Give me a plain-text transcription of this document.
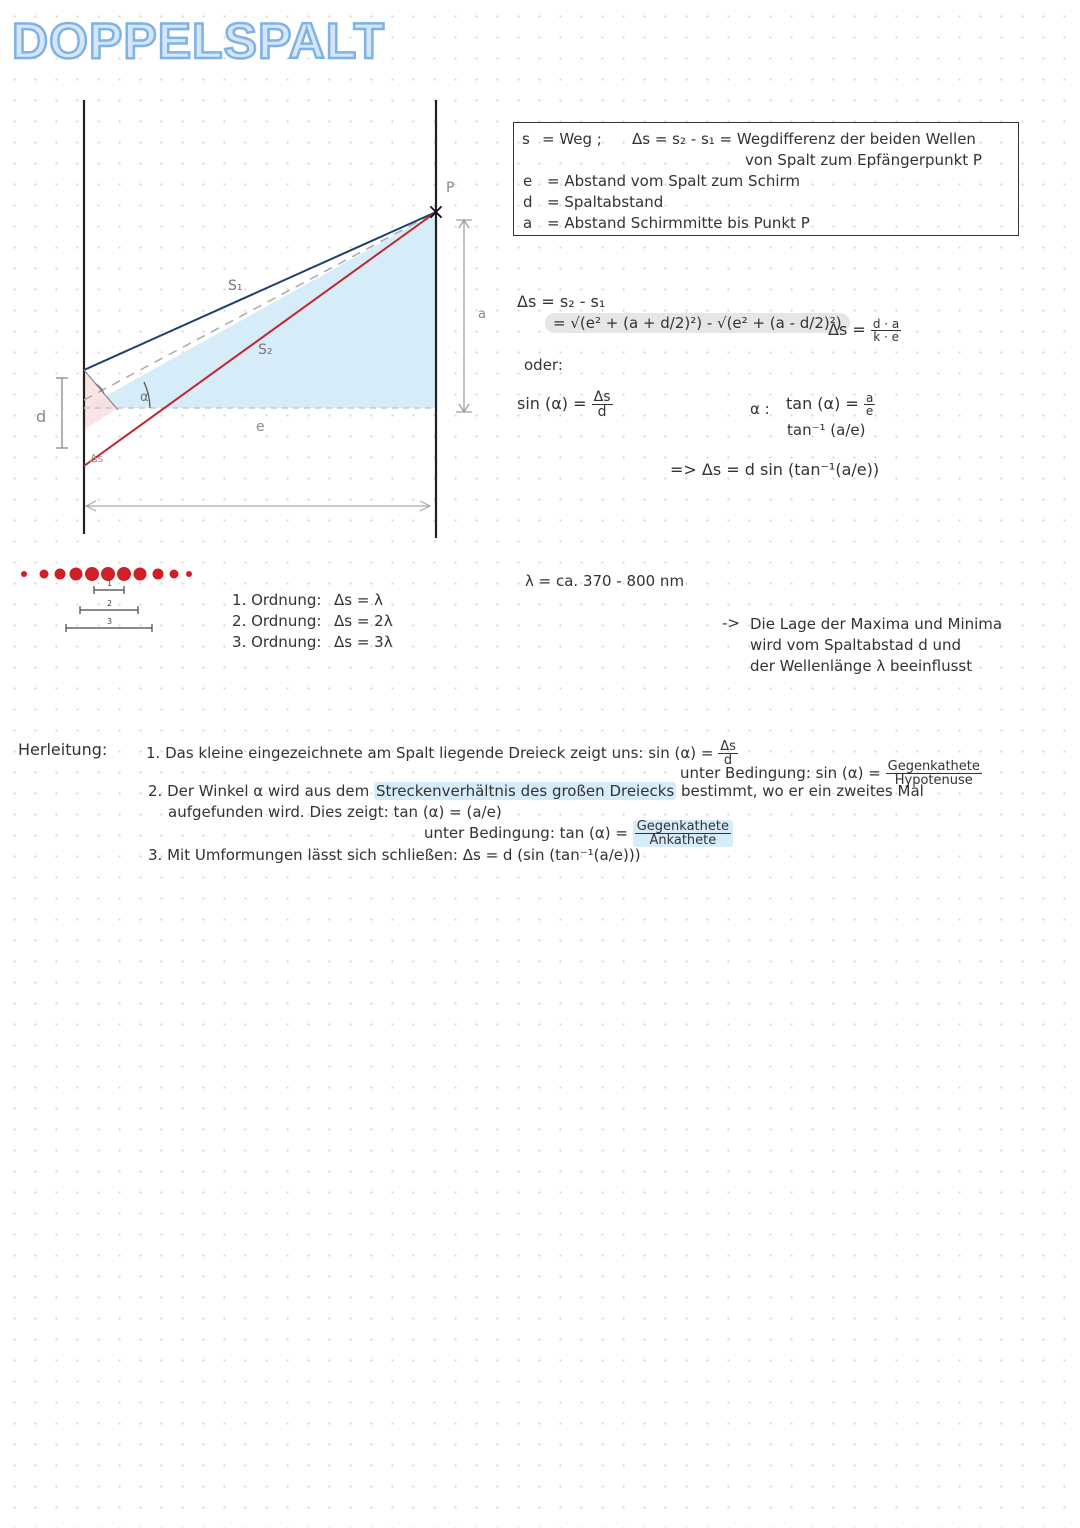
DOPPELSPALT
×
S₁
S₂
P
e
a
d
α
Δs
1
2
3
s = Weg ; Δs = s₂ - s₁ = Wegdifferenz der beiden Wellen
von Spalt zum Epfängerpunkt P
e = Abstand vom Spalt zum Schirm
d = Spaltabstand
a = Abstand Schirmmitte bis Punkt P
Δs = s₂ - s₁
= √(e² + (a + d/2)²) - √(e² + (a - d/2)²)
$\Delta s = \frac{d \cdot a}{k \cdot e}$
oder:
$\sin (\alpha) = \frac{\Delta s}{d}$	α : $\tan (\alpha) = \frac{a}{e}$
tan⁻¹ (a/e)
=> Δs = d sin (tan⁻¹(a/e))
λ = ca. 370 - 800 nm
1. Ordnung: Δs = λ
2. Ordnung: Δs = 2λ
3. Ordnung: Δs = 3λ
-> Die Lage der Maxima und Minima
wird vom Spaltabstad d und
der Wellenlänge λ beeinflusst
Herleitung:	1. Das kleine eingezeichnete am Spalt liegende Dreieck zeigt uns: $\sin (\alpha) = \frac{\Delta s}{d}$
unter Bedingung: $\sin (\alpha) = \frac{\text{Gegenkathete}}{\text{Hypotenuse}}$
2. Der Winkel α wird aus dem Streckenverhältnis des großen Dreiecks bestimmt, wo er ein zweites Mal
aufgefunden wird. Dies zeigt: tan (α) = (a/e)
unter Bedingung: $\tan (\alpha) = \frac{\text{Gegenkathete}}{\text{Ankathete}}$
3. Mit Umformungen lässt sich schließen: Δs = d (sin (tan⁻¹(a/e)))
